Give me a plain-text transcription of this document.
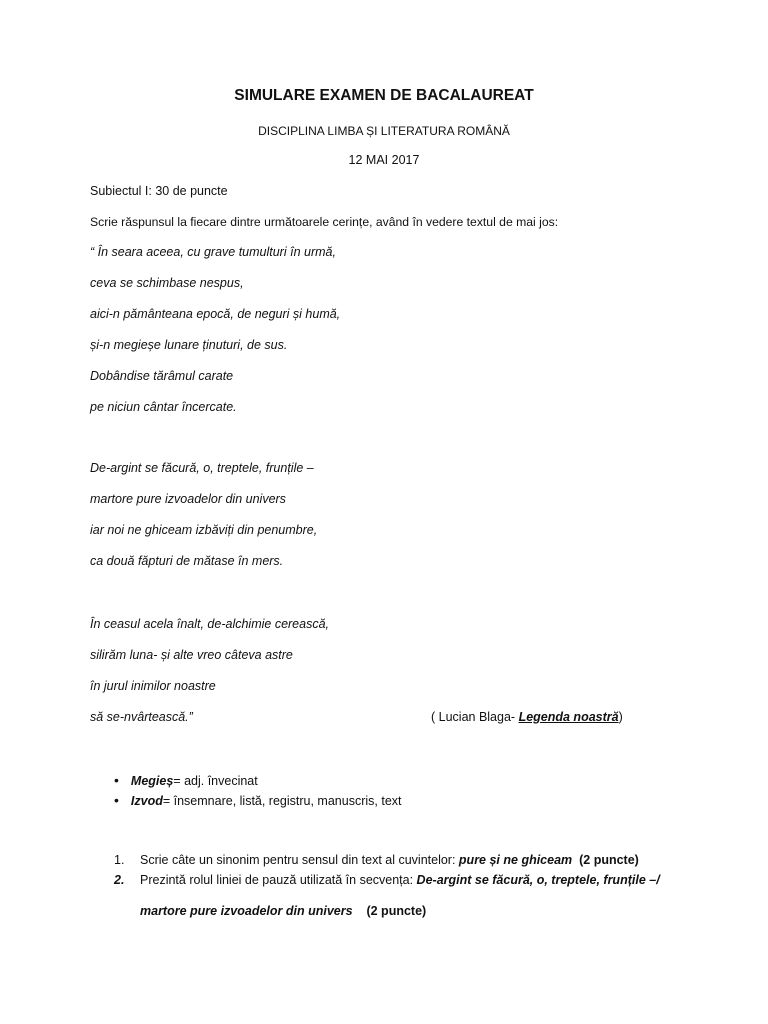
SIMULARE EXAMEN DE BACALAUREAT
DISCIPLINA LIMBA ȘI LITERATURA ROMÂNĂ
12 MAI 2017
Subiectul I: 30 de puncte
Scrie răspunsul la fiecare dintre următoarele cerințe, având în vedere textul de mai jos:
“ În seara aceea, cu grave tumulturi în urmă,
ceva se schimbase nespus,
aici-n pământeana epocă, de neguri și humă,
și-n megieșe lunare ținuturi, de sus.
Dobândise tărâmul carate
pe niciun cântar încercate.
De-argint se făcură, o, treptele, frunțile –
martore pure izvoadelor din univers
iar noi ne ghiceam izbăviți din penumbre,
ca două făpturi de mătase în mers.
În ceasul acela înalt, de-alchimie cerească,
silirăm luna- și alte vreo câteva astre
în jurul inimilor noastre
să se-nvârtească.”	( Lucian Blaga- Legenda noastră)
• Megieș= adj. învecinat
• Izvod= însemnare, listă, registru, manuscris, text
1. Scrie câte un sinonim pentru sensul din text al cuvintelor: pure și ne ghiceam (2 puncte)
2. Prezintă rolul liniei de pauză utilizată în secvența: De-argint se făcură, o, treptele, frunțile –/
martore pure izvoadelor din univers (2 puncte)
